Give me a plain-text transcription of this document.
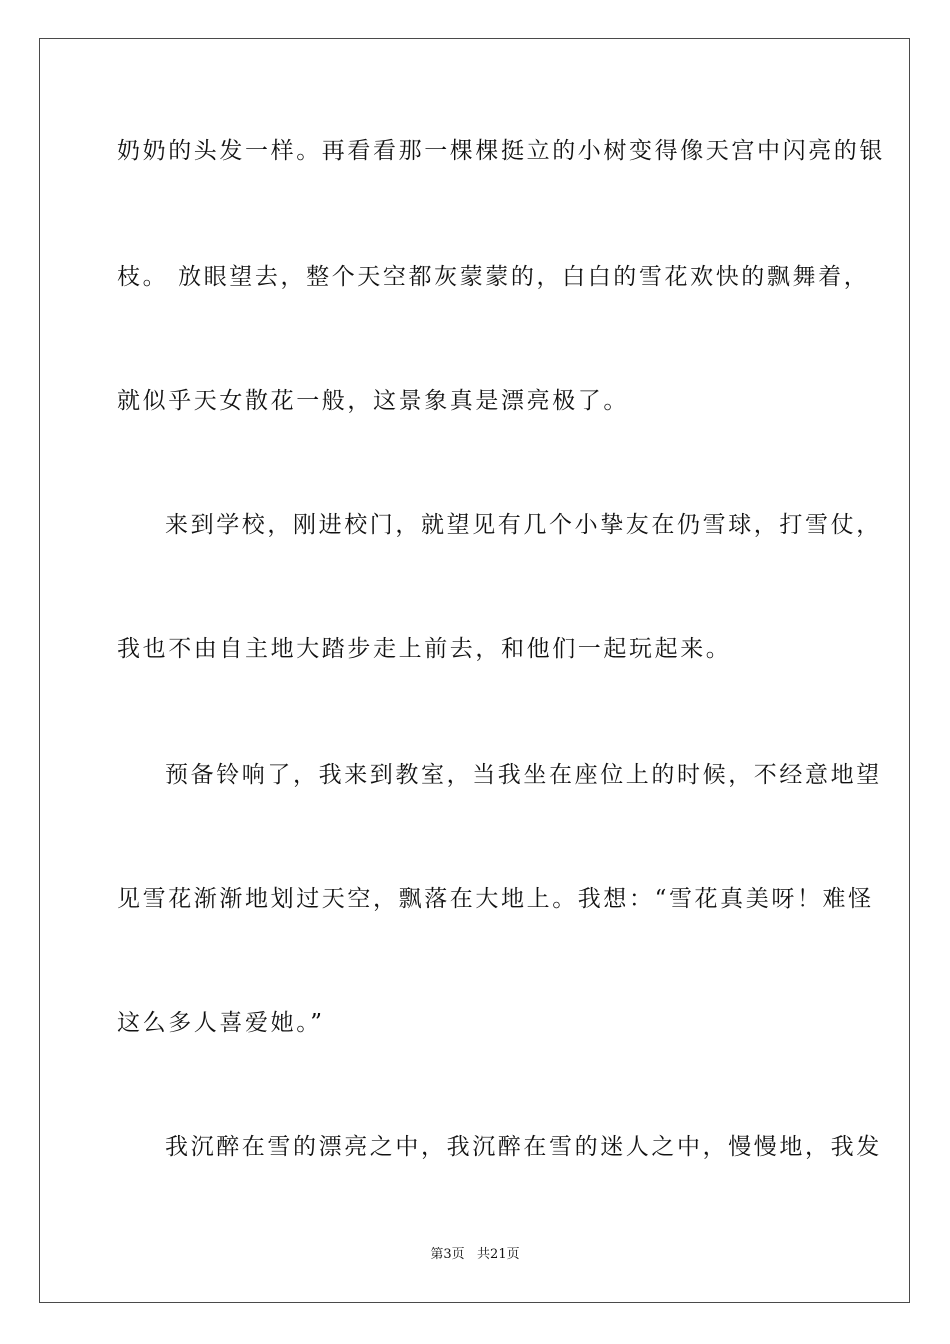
奶奶的头发一样。再看看那一棵棵挺立的小树变得像天宫中闪亮的银
枝。 放眼望去，整个天空都灰蒙蒙的，白白的雪花欢快的飘舞着，
就似乎天女散花一般，这景象真是漂亮极了。
来到学校，刚进校门，就望见有几个小挚友在仍雪球，打雪仗，
我也不由自主地大踏步走上前去，和他们一起玩起来。
预备铃响了，我来到教室，当我坐在座位上的时候，不经意地望
见雪花渐渐地划过天空，飘落在大地上。我想：“雪花真美呀！难怪
这么多人喜爱她。”
我沉醉在雪的漂亮之中，我沉醉在雪的迷人之中，慢慢地，我发
第3页   共21页
